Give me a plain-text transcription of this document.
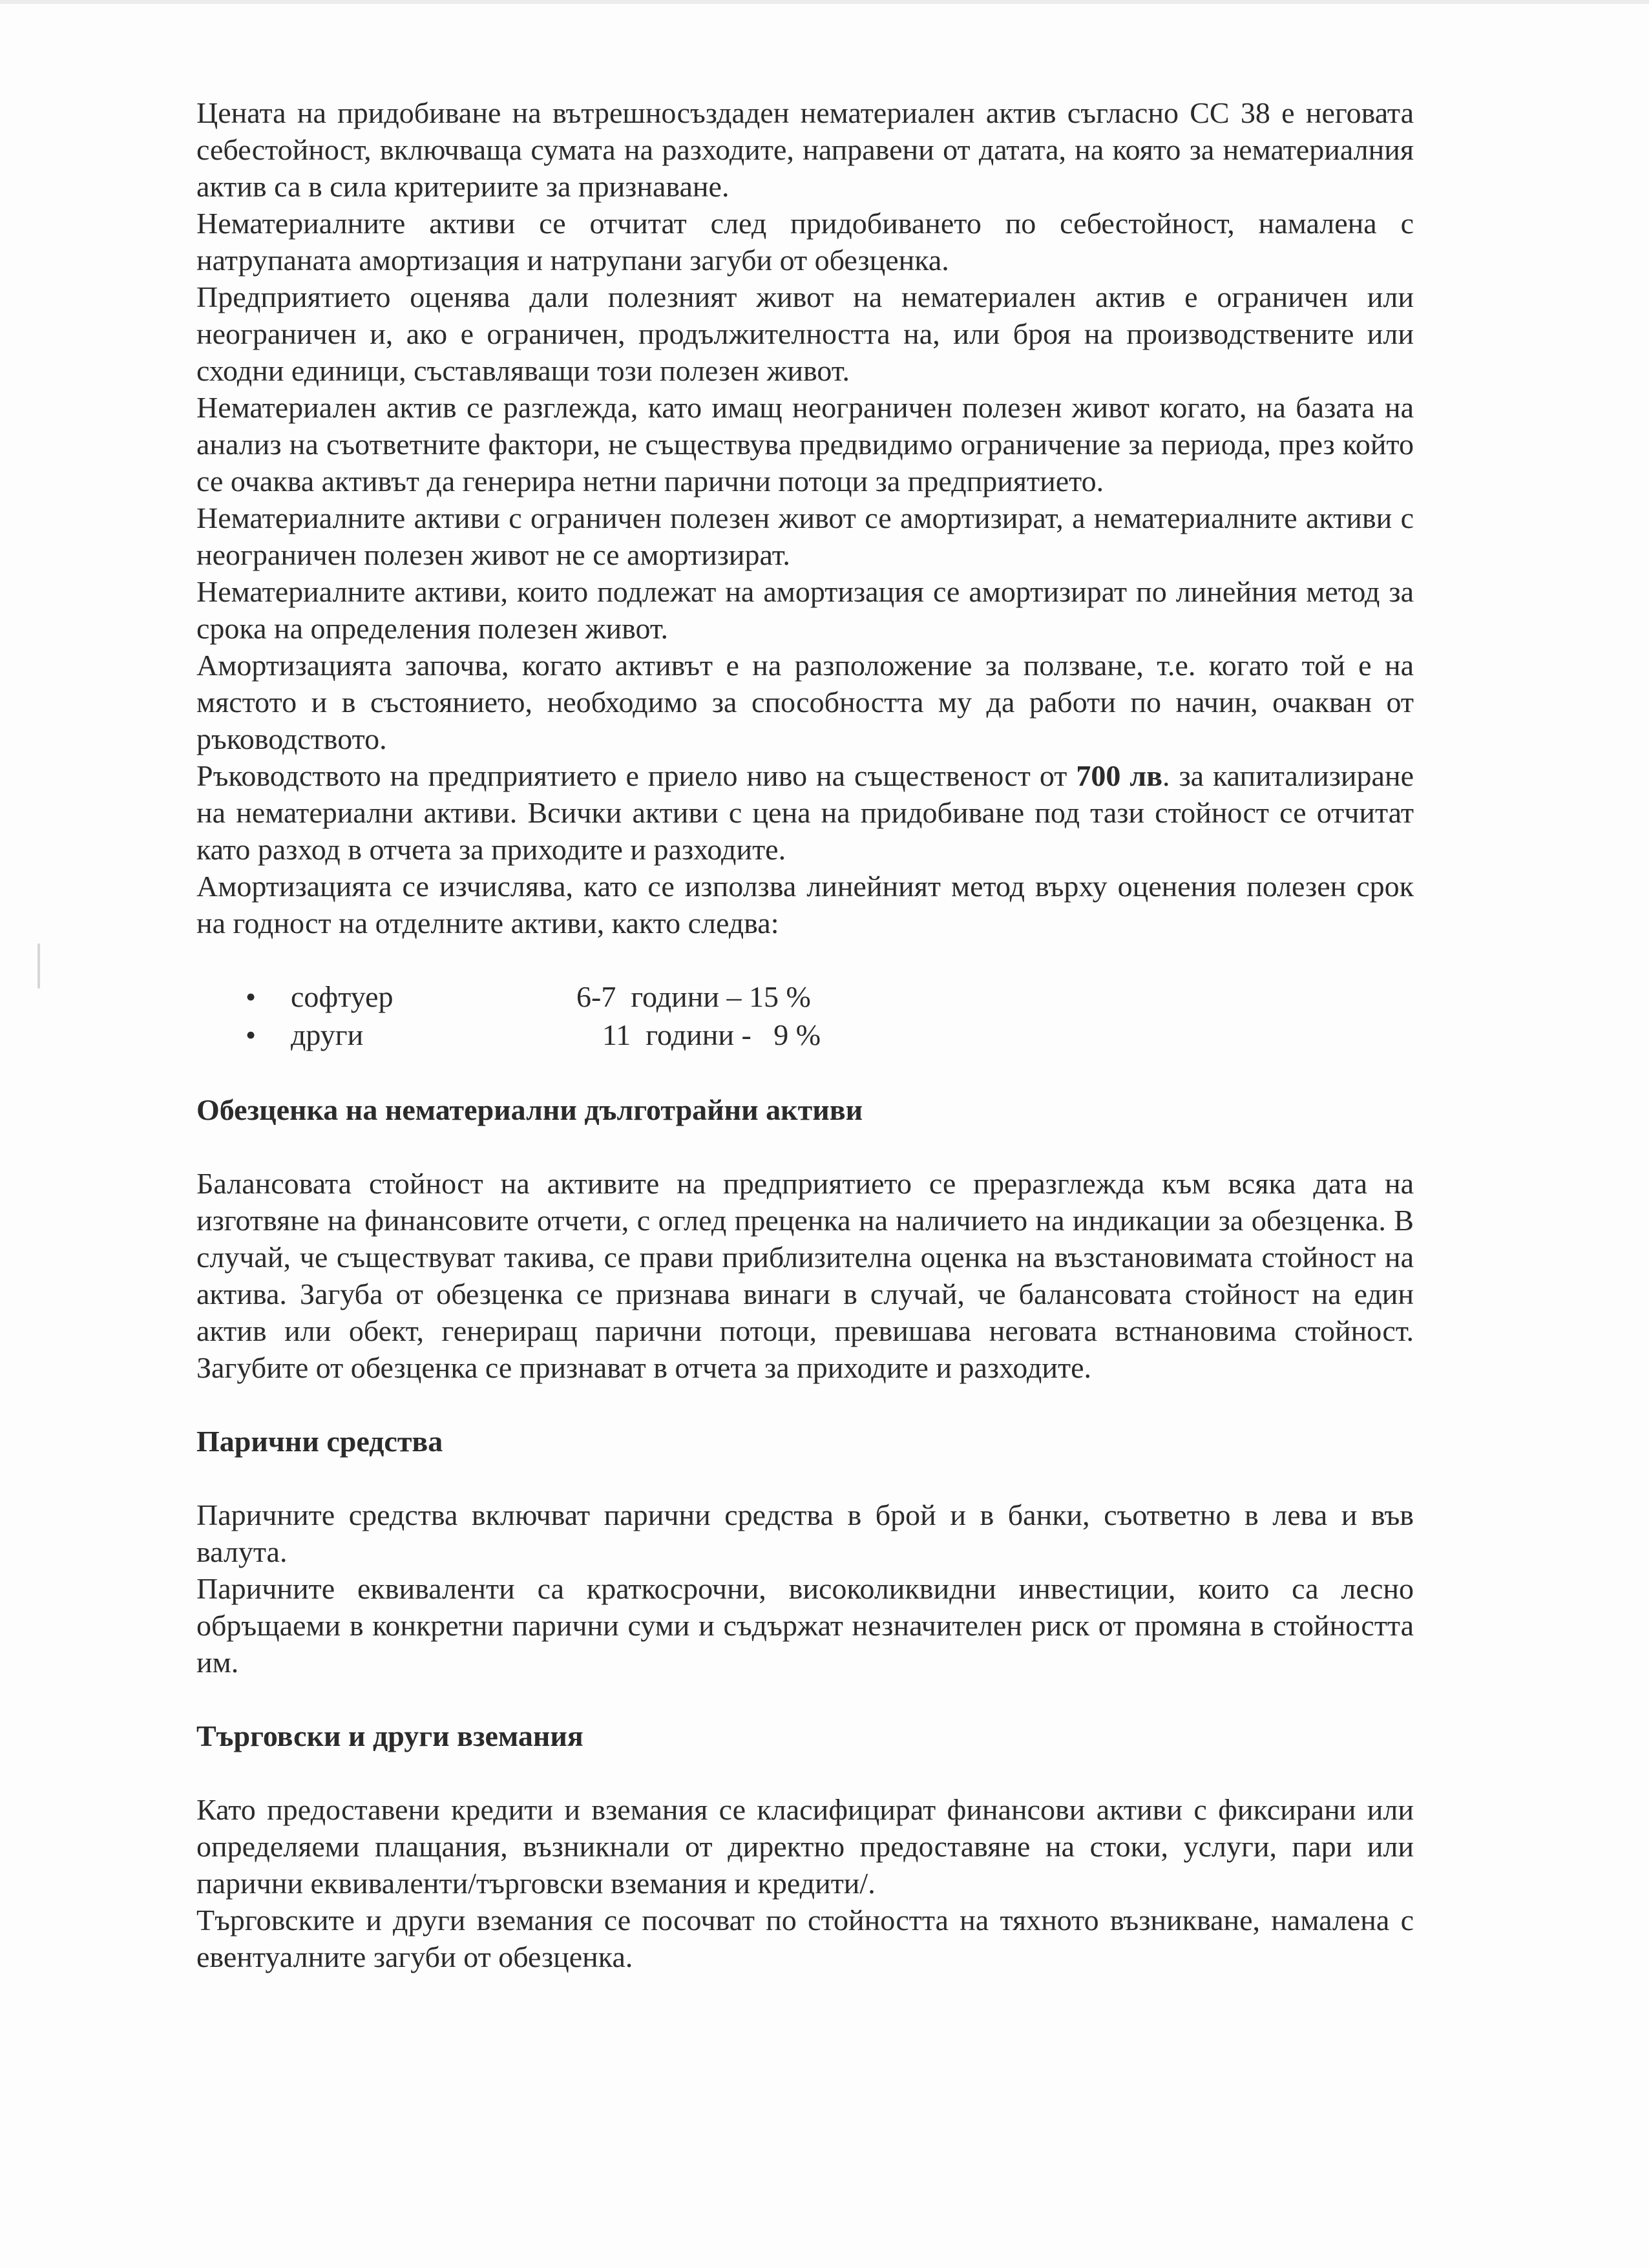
Цената на придобиване на вътрешносъздаден нематериален актив съгласно СС 38 е неговата себестойност, включваща сумата на разходите, направени от датата, на която за нематериалния актив са в сила критериите за признаване.

Нематериалните активи се отчитат след придобиването по себестойност, намалена с натрупаната амортизация и натрупани загуби от обезценка.

Предприятието оценява дали полезният живот на нематериален актив е ограничен или неограничен и, ако е ограничен, продължителността на, или броя на производствените или сходни единици, съставляващи този полезен живот.

Нематериален актив се разглежда, като имащ неограничен полезен живот когато, на базата на анализ на съответните фактори, не съществува предвидимо ограничение за периода, през който се очаква активът да генерира нетни парични потоци за предприятието.

Нематериалните активи с ограничен полезен живот се амортизират, а нематериалните активи с неограничен полезен живот не се амортизират.

Нематериалните активи, които подлежат на амортизация се амортизират по линейния метод за срока на определения полезен живот.

Амортизацията започва, когато активът е на разположение за ползване, т.е. когато той е на мястото и в състоянието, необходимо за способността му да работи по начин, очакван от ръководството.

Ръководството на предприятието е приело ниво на същественост от 700 лв. за капитализиране на нематериални активи. Всички активи с цена на придобиване под тази стойност се отчитат като разход в отчета за приходите и разходите.

Амортизацията се изчислява, като се използва линейният метод върху оценения полезен срок на годност на отделните активи, както следва:

• софтуер	6-7  години – 15 %
• други	11  години -   9 %

Обезценка на нематериални дълготрайни активи

Балансовата стойност на активите на предприятието се преразглежда към всяка дата на изготвяне на финансовите отчети, с оглед преценка на наличието на индикации за обезценка. В случай, че съществуват такива, се прави приблизителна оценка на възстановимата стойност на актива. Загуба от обезценка се признава винаги в случай, че балансовата стойност на един актив или обект, генериращ парични потоци, превишава неговата встнановима стойност. Загубите от обезценка се признават в отчета за приходите и разходите.

Парични средства

Паричните средства включват парични средства в брой и в банки, съответно в лева и във валута.

Паричните еквиваленти са краткосрочни, високоликвидни инвестиции, които са лесно обръщаеми в конкретни парични суми и съдържат незначителен риск от промяна в стойността им.

Търговски и други вземания

Като предоставени кредити и вземания се класифицират финансови активи с фиксирани или определяеми плащания, възникнали от директно предоставяне на стоки, услуги, пари или парични еквиваленти/търговски вземания и кредити/.

Търговските и други вземания се посочват по стойността на тяхното възникване, намалена с евентуалните загуби от обезценка.
